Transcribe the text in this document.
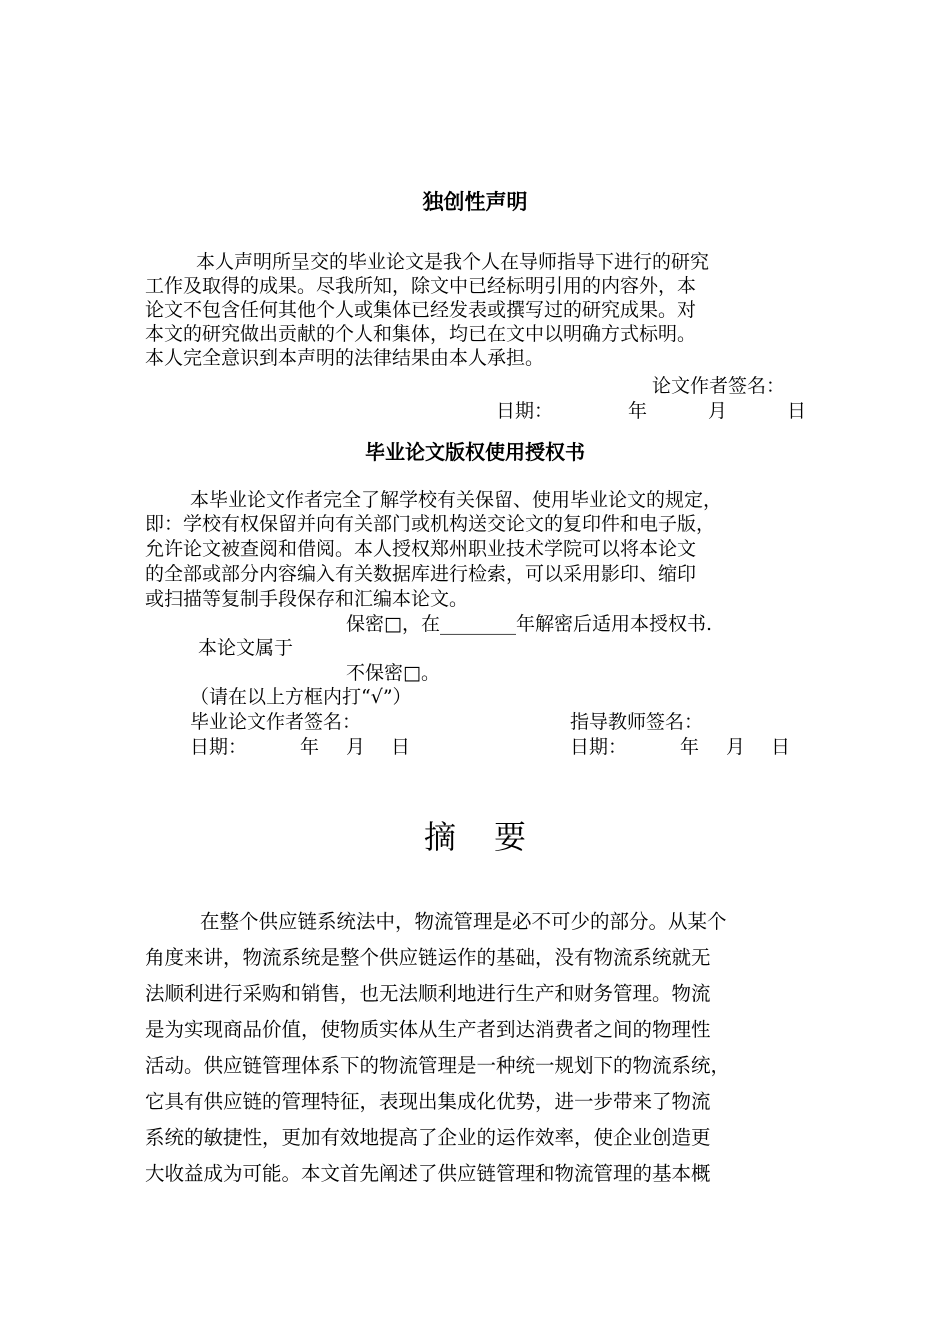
独创性声明
本人声明所呈交的毕业论文是我个人在导师指导下进行的研究
工作及取得的成果。尽我所知，除文中已经标明引用的内容外，本
论文不包含任何其他个人或集体已经发表或撰写过的研究成果。对
本文的研究做出贡献的个人和集体，均已在文中以明确方式标明。
本人完全意识到本声明的法律结果由本人承担。
论文作者签名：
日期：	年	月	日
毕业论文版权使用授权书
本毕业论文作者完全了解学校有关保留、使用毕业论文的规定，
即：学校有权保留并向有关部门或机构送交论文的复印件和电子版，
允许论文被查阅和借阅。本人授权郑州职业技术学院可以将本论文
的全部或部分内容编入有关数据库进行检索，可以采用影印、缩印
或扫描等复制手段保存和汇编本论文。
保密□，在________年解密后适用本授权书.
本论文属于
不保密□。
（请在以上方框内打“√”）
毕业论文作者签名：	指导教师签名：
日期：	年 月 日	日期：	年 月 日
摘要
在整个供应链系统法中，物流管理是必不可少的部分。从某个
角度来讲，物流系统是整个供应链运作的基础，没有物流系统就无
法顺利进行采购和销售，也无法顺利地进行生产和财务管理。物流
是为实现商品价值，使物质实体从生产者到达消费者之间的物理性
活动。供应链管理体系下的物流管理是一种统一规划下的物流系统，
它具有供应链的管理特征，表现出集成化优势，进一步带来了物流
系统的敏捷性，更加有效地提高了企业的运作效率，使企业创造更
大收益成为可能。本文首先阐述了供应链管理和物流管理的基本概
